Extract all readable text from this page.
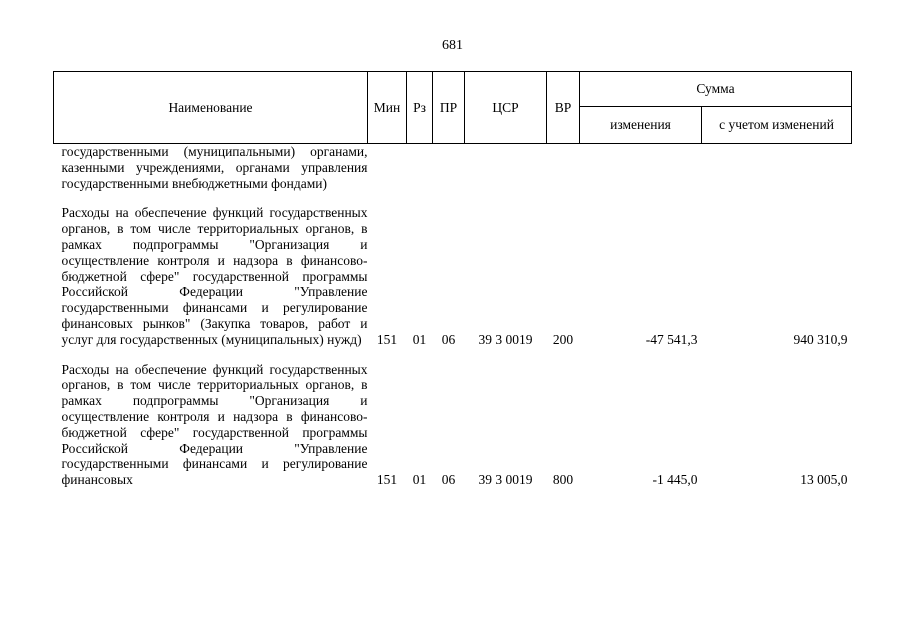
681
Наименование	Мин	Рз	ПР	ЦСР	ВР	Сумма	
						изменения	с учетом изменений

государственными (муниципальными) органами, казенными учреждениями, органами управления государственными внебюджетными фондами)							

Расходы на обеспечение функций государственных органов, в том числе территориальных органов, в рамках подпрограммы "Организация и осуществление контроля и надзора в финансово-бюджетной сфере" государственной программы Российской Федерации "Управление государственными финансами и регулирование финансовых рынков" (Закупка товаров, работ и услуг для государственных (муниципальных) нужд)	151	01	06	39 3 0019	200	-47 541,3	940 310,9

Расходы на обеспечение функций государственных органов, в том числе территориальных органов, в рамках подпрограммы "Организация и осуществление контроля и надзора в финансово-бюджетной сфере" государственной программы Российской Федерации "Управление государственными финансами и регулирование финансовых	151	01	06	39 3 0019	800	-1 445,0	13 005,0
